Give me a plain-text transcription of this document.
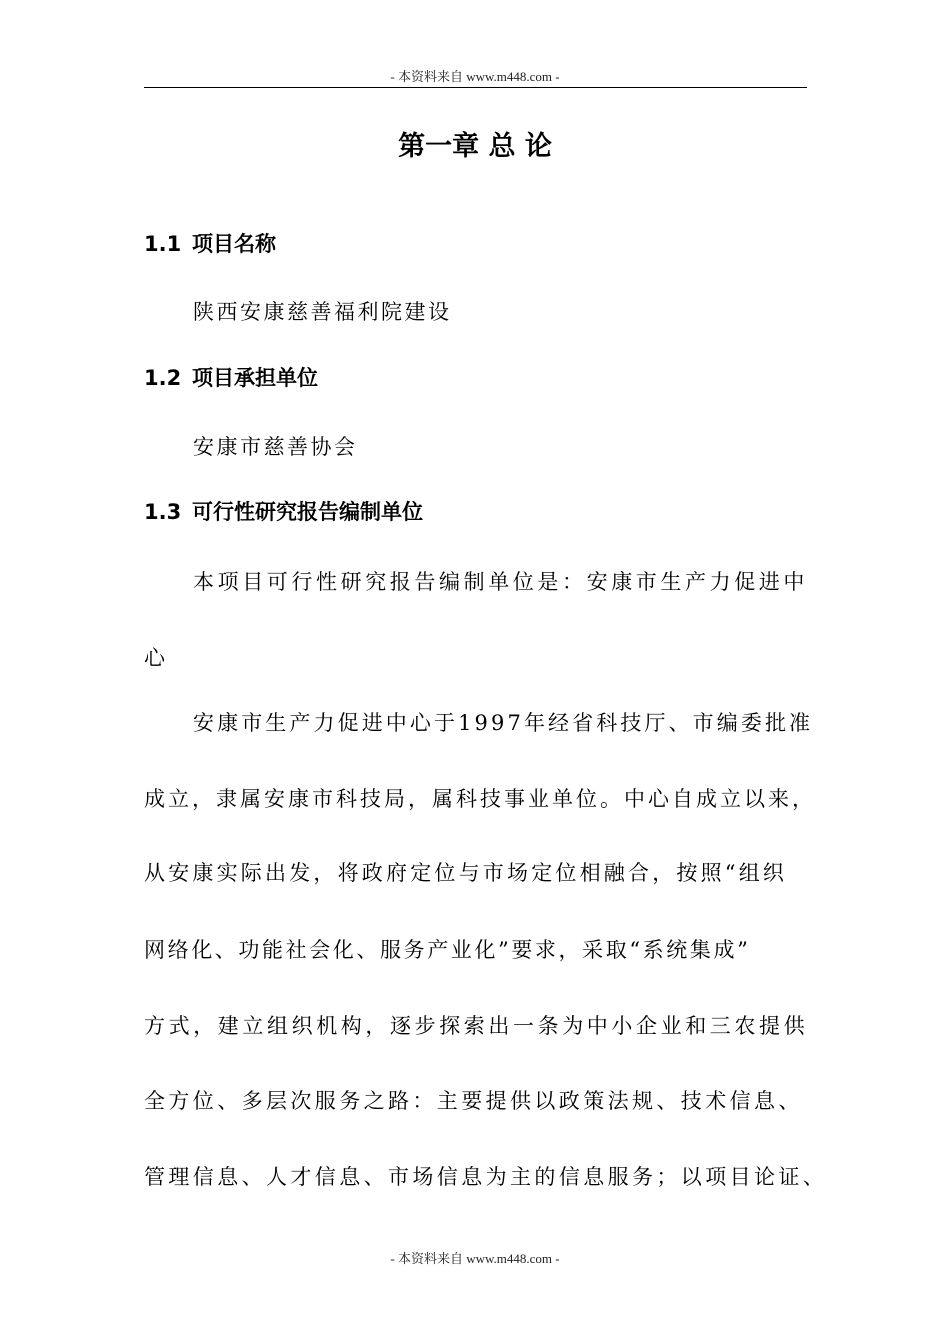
- 本资料来自 www.m448.com -
第一章 总 论
1.1 项目名称
陕西安康慈善福利院建设
1.2 项目承担单位
安康市慈善协会
1.3 可行性研究报告编制单位
本项目可行性研究报告编制单位是：安康市生产力促进中
心
安康市生产力促进中心于1997年经省科技厅、市编委批准
成立，隶属安康市科技局，属科技事业单位。中心自成立以来，
从安康实际出发，将政府定位与市场定位相融合，按照“组织
网络化、功能社会化、服务产业化”要求，采取“系统集成”
方式，建立组织机构，逐步探索出一条为中小企业和三农提供
全方位、多层次服务之路：主要提供以政策法规、技术信息、
管理信息、人才信息、市场信息为主的信息服务；以项目论证、
- 本资料来自 www.m448.com -
